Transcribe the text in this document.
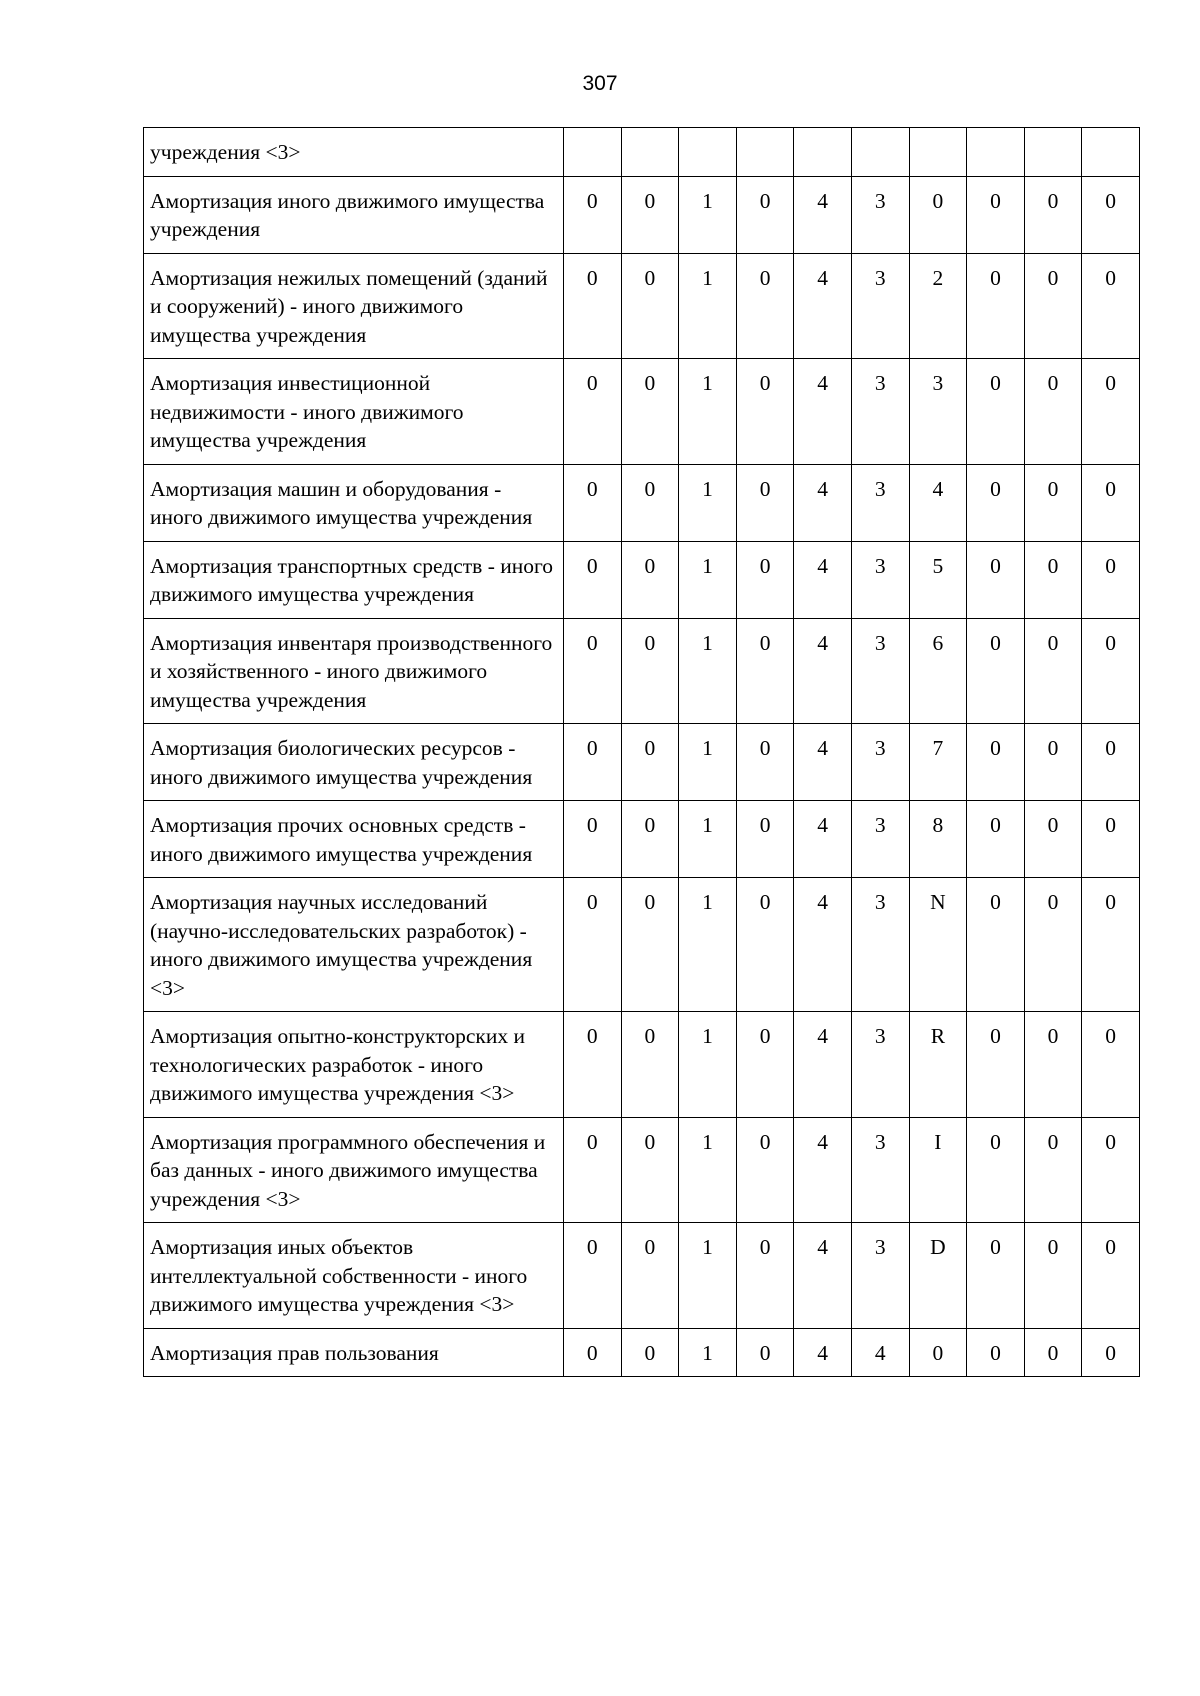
307
учреждения <3>										
Амортизация иного движимого имущества учреждения	0	0	1	0	4	3	0	0	0	0
Амортизация нежилых помещений (зданий и сооружений) - иного движимого имущества учреждения	0	0	1	0	4	3	2	0	0	0
Амортизация инвестиционной недвижимости - иного движимого имущества учреждения	0	0	1	0	4	3	3	0	0	0
Амортизация машин и оборудования - иного движимого имущества учреждения	0	0	1	0	4	3	4	0	0	0
Амортизация транспортных средств - иного движимого имущества учреждения	0	0	1	0	4	3	5	0	0	0
Амортизация инвентаря производственного и хозяйственного - иного движимого имущества учреждения	0	0	1	0	4	3	6	0	0	0
Амортизация биологических ресурсов - иного движимого имущества учреждения	0	0	1	0	4	3	7	0	0	0
Амортизация прочих основных средств - иного движимого имущества учреждения	0	0	1	0	4	3	8	0	0	0
Амортизация научных исследований (научно-исследовательских разработок) - иного движимого имущества учреждения <3>	0	0	1	0	4	3	N	0	0	0
Амортизация опытно-конструкторских и технологических разработок - иного движимого имущества учреждения <3>	0	0	1	0	4	3	R	0	0	0
Амортизация программного обеспечения и баз данных - иного движимого имущества учреждения <3>	0	0	1	0	4	3	I	0	0	0
Амортизация иных объектов интеллектуальной собственности - иного движимого имущества учреждения <3>	0	0	1	0	4	3	D	0	0	0
Амортизация прав пользования	0	0	1	0	4	4	0	0	0	0
